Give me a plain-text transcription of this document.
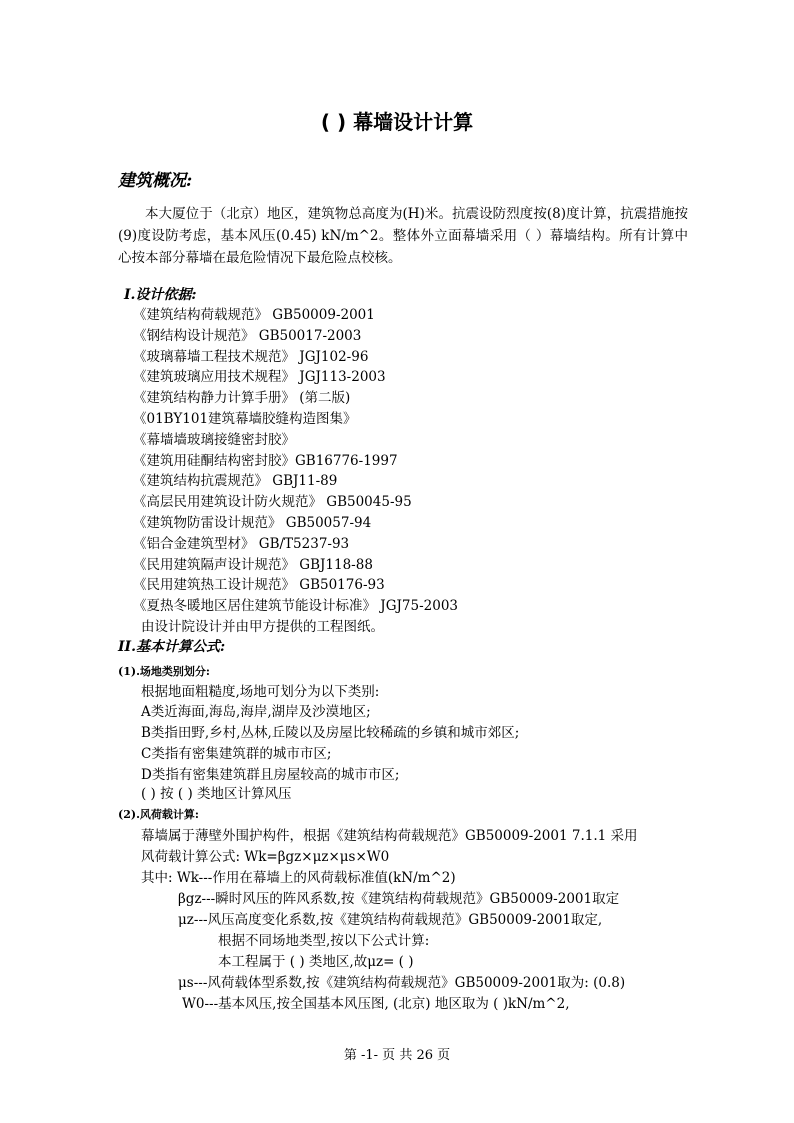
( ) 幕墙设计计算
建筑概况:

本大厦位于（北京）地区，建筑物总高度为(H)米。抗震设防烈度按(8)度计算，抗震措施按(9)度设防考虑，基本风压(0.45) kN/m^2。整体外立面幕墙采用（ ）幕墙结构。所有计算中心按本部分幕墙在最危险情况下最危险点校核。

I.设计依据:
《建筑结构荷载规范》 GB50009-2001
《钢结构设计规范》 GB50017-2003
《玻璃幕墙工程技术规范》 JGJ102-96
《建筑玻璃应用技术规程》 JGJ113-2003
《建筑结构静力计算手册》 (第二版)
《01BY101建筑幕墙胶缝构造图集》
《幕墙墙玻璃接缝密封胶》
《建筑用硅酮结构密封胶》GB16776-1997
《建筑结构抗震规范》 GBJ11-89
《高层民用建筑设计防火规范》 GB50045-95
《建筑物防雷设计规范》 GB50057-94
《铝合金建筑型材》 GB/T5237-93
《民用建筑隔声设计规范》 GBJ118-88
《民用建筑热工设计规范》 GB50176-93
《夏热冬暖地区居住建筑节能设计标准》 JGJ75-2003
由设计院设计并由甲方提供的工程图纸。
II.基本计算公式:
(1).场地类别划分:
根据地面粗糙度,场地可划分为以下类别:
A类近海面,海岛,海岸,湖岸及沙漠地区;
B类指田野,乡村,丛林,丘陵以及房屋比较稀疏的乡镇和城市郊区;
C类指有密集建筑群的城市市区;
D类指有密集建筑群且房屋较高的城市市区;
( ) 按 ( ) 类地区计算风压
(2).风荷载计算:
幕墙属于薄壁外围护构件，根据《建筑结构荷载规范》GB50009-2001 7.1.1 采用
风荷载计算公式: Wk=βgz×μz×μs×W0
其中: Wk---作用在幕墙上的风荷载标准值(kN/m^2)
βgz---瞬时风压的阵风系数,按《建筑结构荷载规范》GB50009-2001取定
μz---风压高度变化系数,按《建筑结构荷载规范》GB50009-2001取定,
根据不同场地类型,按以下公式计算:
本工程属于 ( ) 类地区,故μz= ( )
μs---风荷载体型系数,按《建筑结构荷载规范》GB50009-2001取为: (0.8)
W0---基本风压,按全国基本风压图, (北京) 地区取为 ( )kN/m^2,
第 -1- 页 共 26 页
